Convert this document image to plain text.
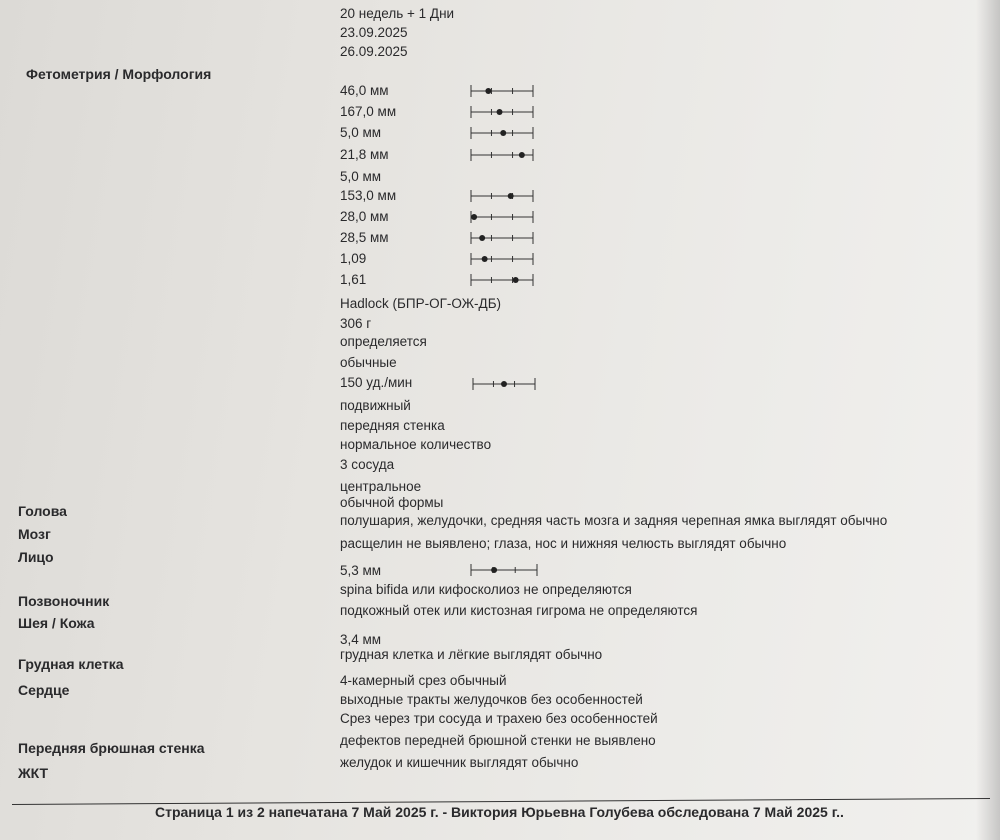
20 недель + 1 Дни
23.09.2025
26.09.2025
Фетометрия / Морфология
46,0 мм
167,0 мм
5,0 мм
21,8 мм
5,0 мм
153,0 мм
28,0 мм
28,5 мм
1,09
1,61
Hadlock (БПР-ОГ-ОЖ-ДБ)
306 г
определяется
обычные
150 уд./мин
подвижный
передняя стенка
нормальное количество
3 сосуда
центральное
Голова
обычной формы
Мозг
полушария, желудочки, средняя часть мозга и задняя черепная ямка выглядят обычно
Лицо
расщелин не выявлено; глаза, нос и нижняя челюсть выглядят обычно
5,3 мм
Позвоночник
spina bifida или кифосколиоз не определяются
Шея / Кожа
подкожный отек или кистозная гигрома не определяются
3,4 мм
Грудная клетка
грудная клетка и лёгкие выглядят обычно
Сердце
4-камерный срез обычный
выходные тракты желудочков без особенностей
Срез через три сосуда и трахею без особенностей
Передняя брюшная стенка	дефектов передней брюшной стенки не выявлено
ЖКТ
желудок и кишечник выглядят обычно
Страница 1 из 2 напечатана 7 Май 2025 г. - Виктория Юрьевна Голубева обследована 7 Май 2025 г..
